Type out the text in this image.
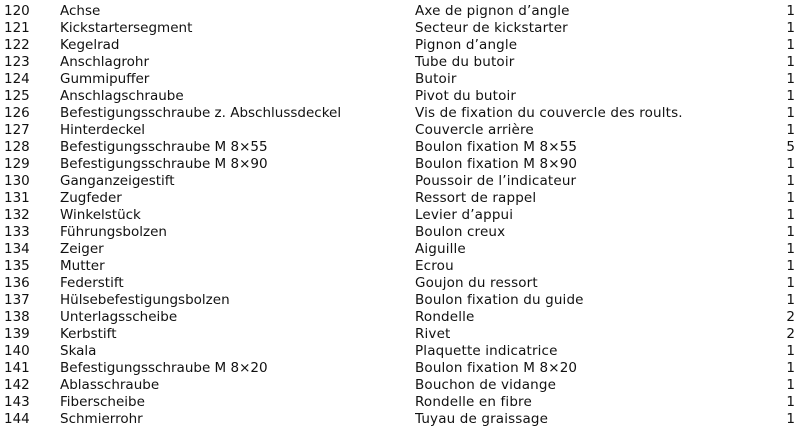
120	Achse	Axe de pignon d’angle	1
121	Kickstartersegment	Secteur de kickstarter	1
122	Kegelrad	Pignon d’angle	1
123	Anschlagrohr	Tube du butoir	1
124	Gummipuffer	Butoir	1
125	Anschlagschraube	Pivot du butoir	1
126	Befestigungsschraube z. Abschlussdeckel	Vis de fixation du couvercle des roults.	1
127	Hinterdeckel	Couvercle arrière	1
128	Befestigungsschraube M 8×55	Boulon fixation M 8×55	5
129	Befestigungsschraube M 8×90	Boulon fixation M 8×90	1
130	Ganganzeigestift	Poussoir de l’indicateur	1
131	Zugfeder	Ressort de rappel	1
132	Winkelstück	Levier d’appui	1
133	Führungsbolzen	Boulon creux	1
134	Zeiger	Aiguille	1
135	Mutter	Ecrou	1
136	Federstift	Goujon du ressort	1
137	Hülsebefestigungsbolzen	Boulon fixation du guide	1
138	Unterlagsscheibe	Rondelle	2
139	Kerbstift	Rivet	2
140	Skala	Plaquette indicatrice	1
141	Befestigungsschraube M 8×20	Boulon fixation M 8×20	1
142	Ablasschraube	Bouchon de vidange	1
143	Fiberscheibe	Rondelle en fibre	1
144	Schmierrohr	Tuyau de graissage	1
